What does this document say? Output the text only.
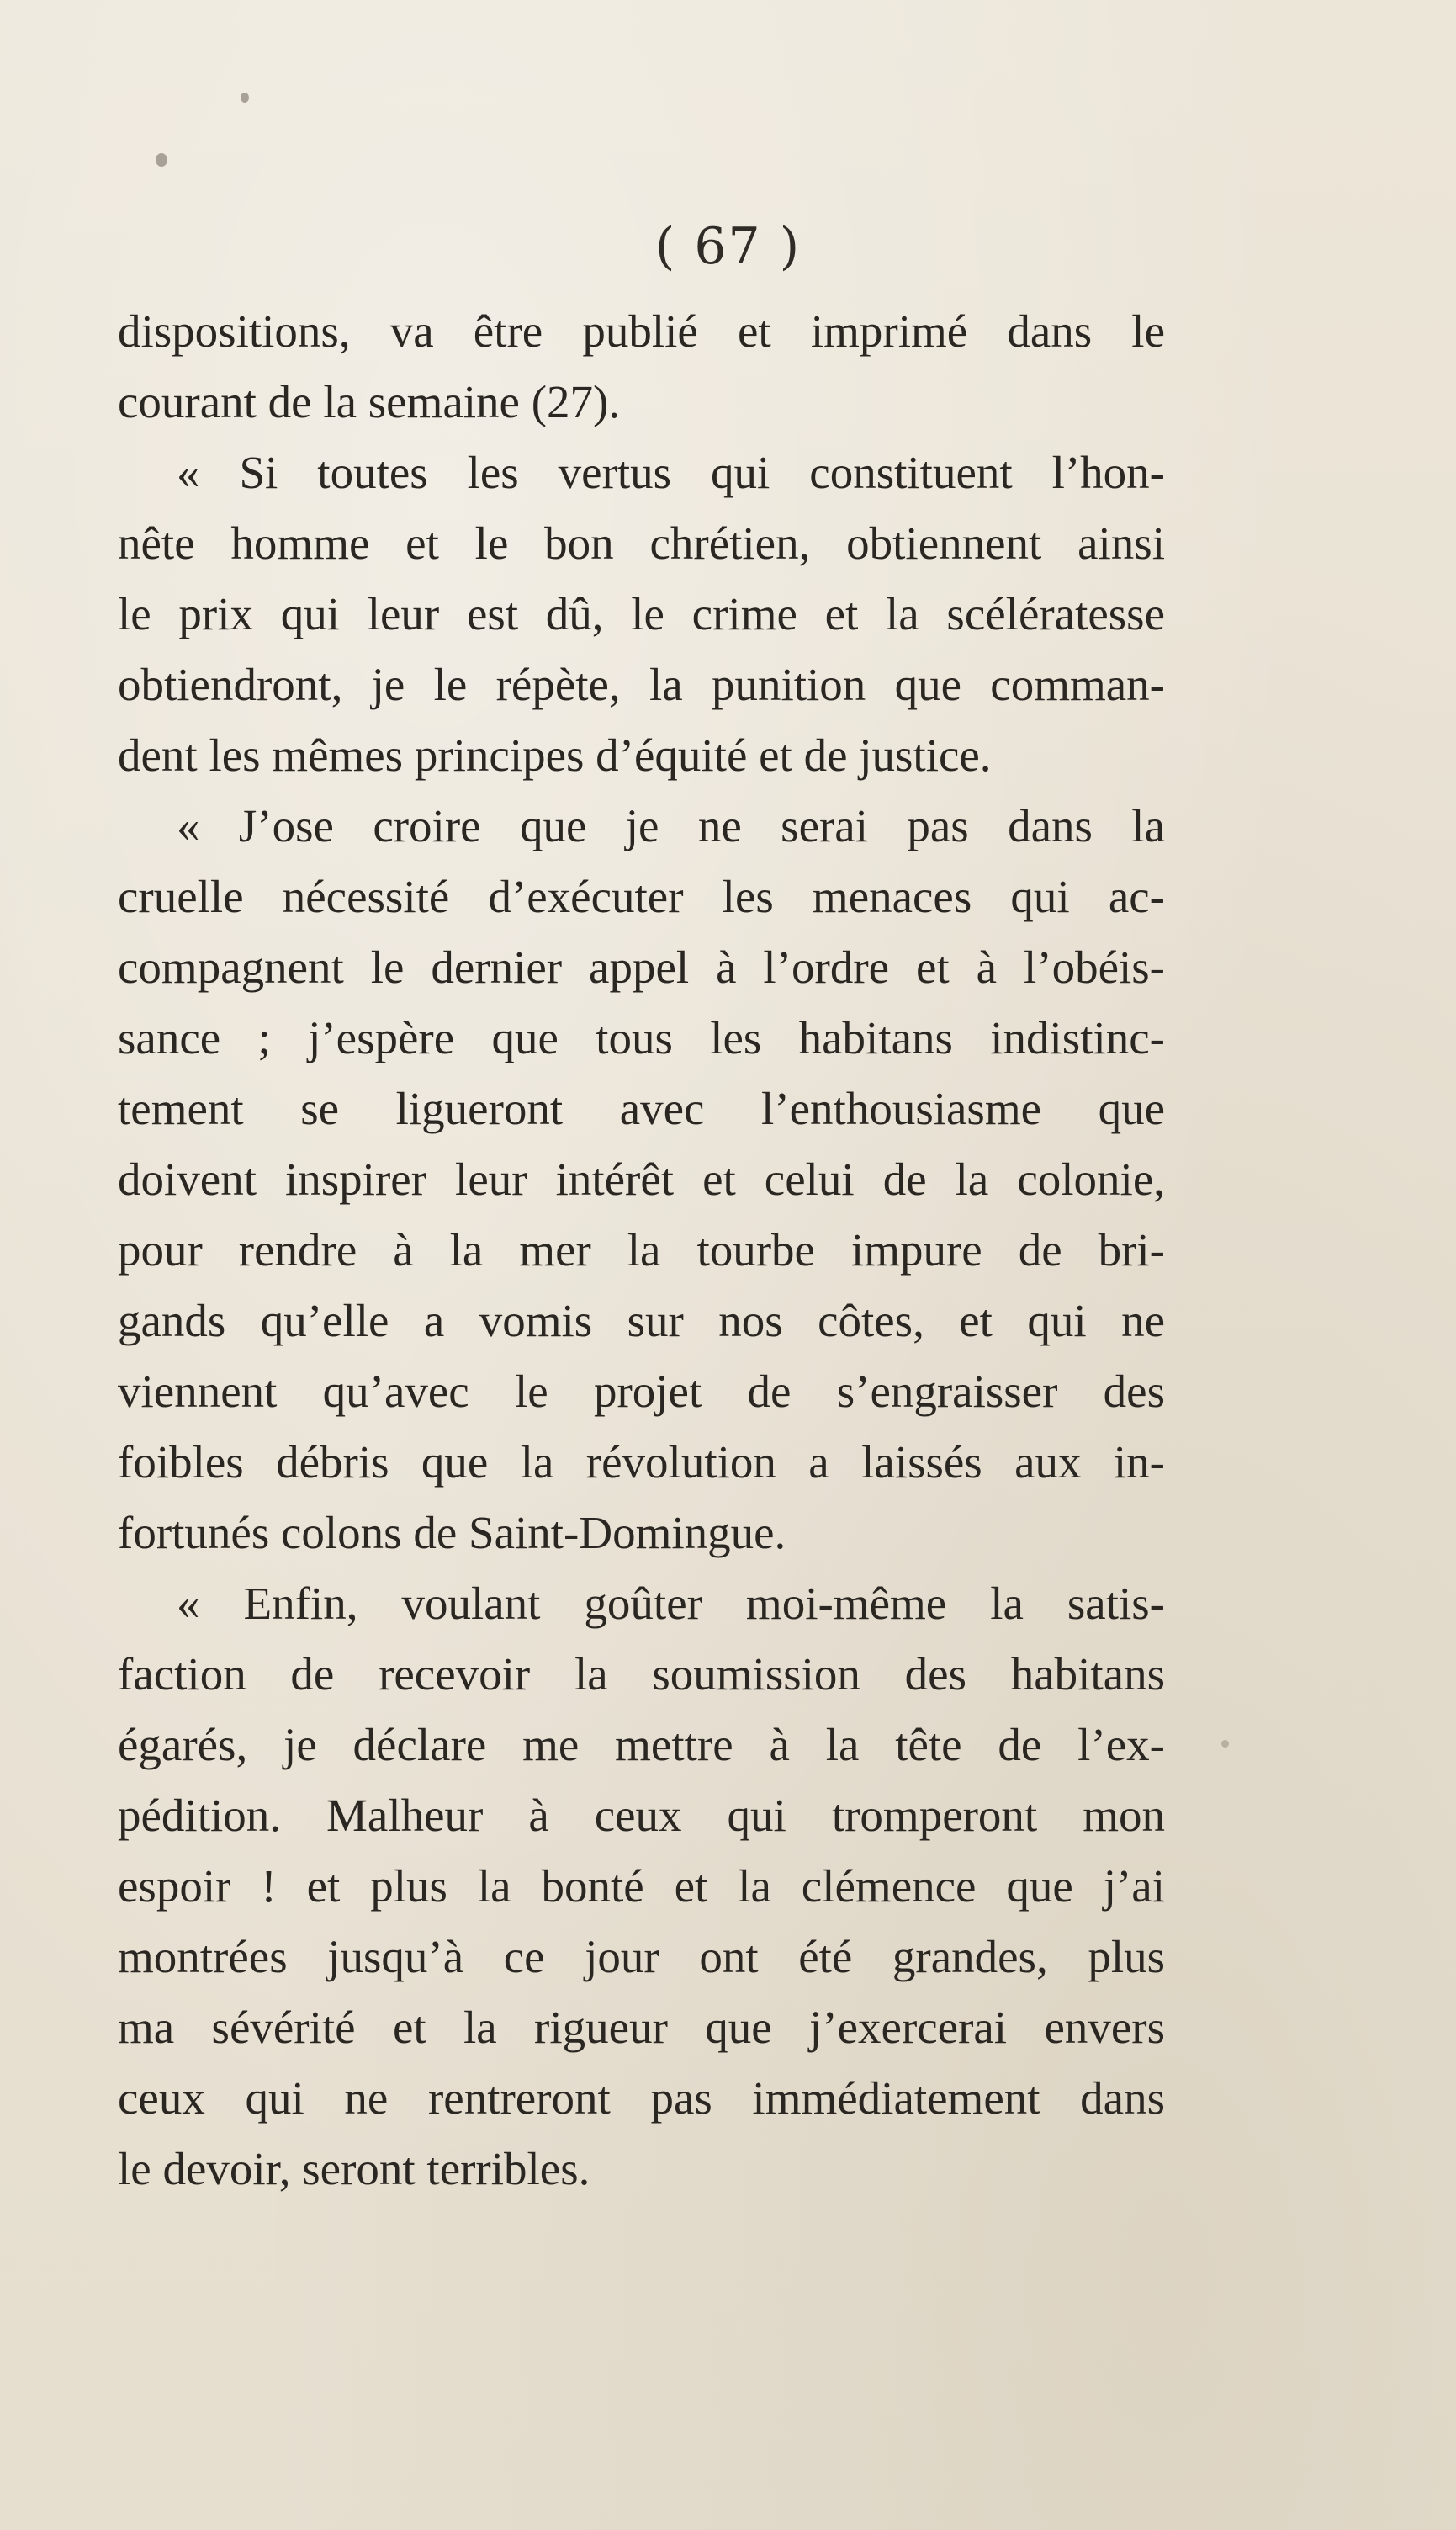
( 67 )
dispositions, va être publié et imprimé dans le
courant de la semaine (27).
« Si toutes les vertus qui constituent l’hon-
nête homme et le bon chrétien, obtiennent ainsi
le prix qui leur est dû, le crime et la scélératesse
obtiendront, je le répète, la punition que comman-
dent les mêmes principes d’équité et de justice.
« J’ose croire que je ne serai pas dans la
cruelle nécessité d’exécuter les menaces qui ac-
compagnent le dernier appel à l’ordre et à l’obéis-
sance ; j’espère que tous les habitans indistinc-
tement se ligueront avec l’enthousiasme que
doivent inspirer leur intérêt et celui de la colonie,
pour rendre à la mer la tourbe impure de bri-
gands qu’elle a vomis sur nos côtes, et qui ne
viennent qu’avec le projet de s’engraisser des
foibles débris que la révolution a laissés aux in-
fortunés colons de Saint-Domingue.
« Enfin, voulant goûter moi-même la satis-
faction de recevoir la soumission des habitans
égarés, je déclare me mettre à la tête de l’ex-
pédition. Malheur à ceux qui tromperont mon
espoir ! et plus la bonté et la clémence que j’ai
montrées jusqu’à ce jour ont été grandes, plus
ma sévérité et la rigueur que j’exercerai envers
ceux qui ne rentreront pas immédiatement dans
le devoir, seront terribles.
